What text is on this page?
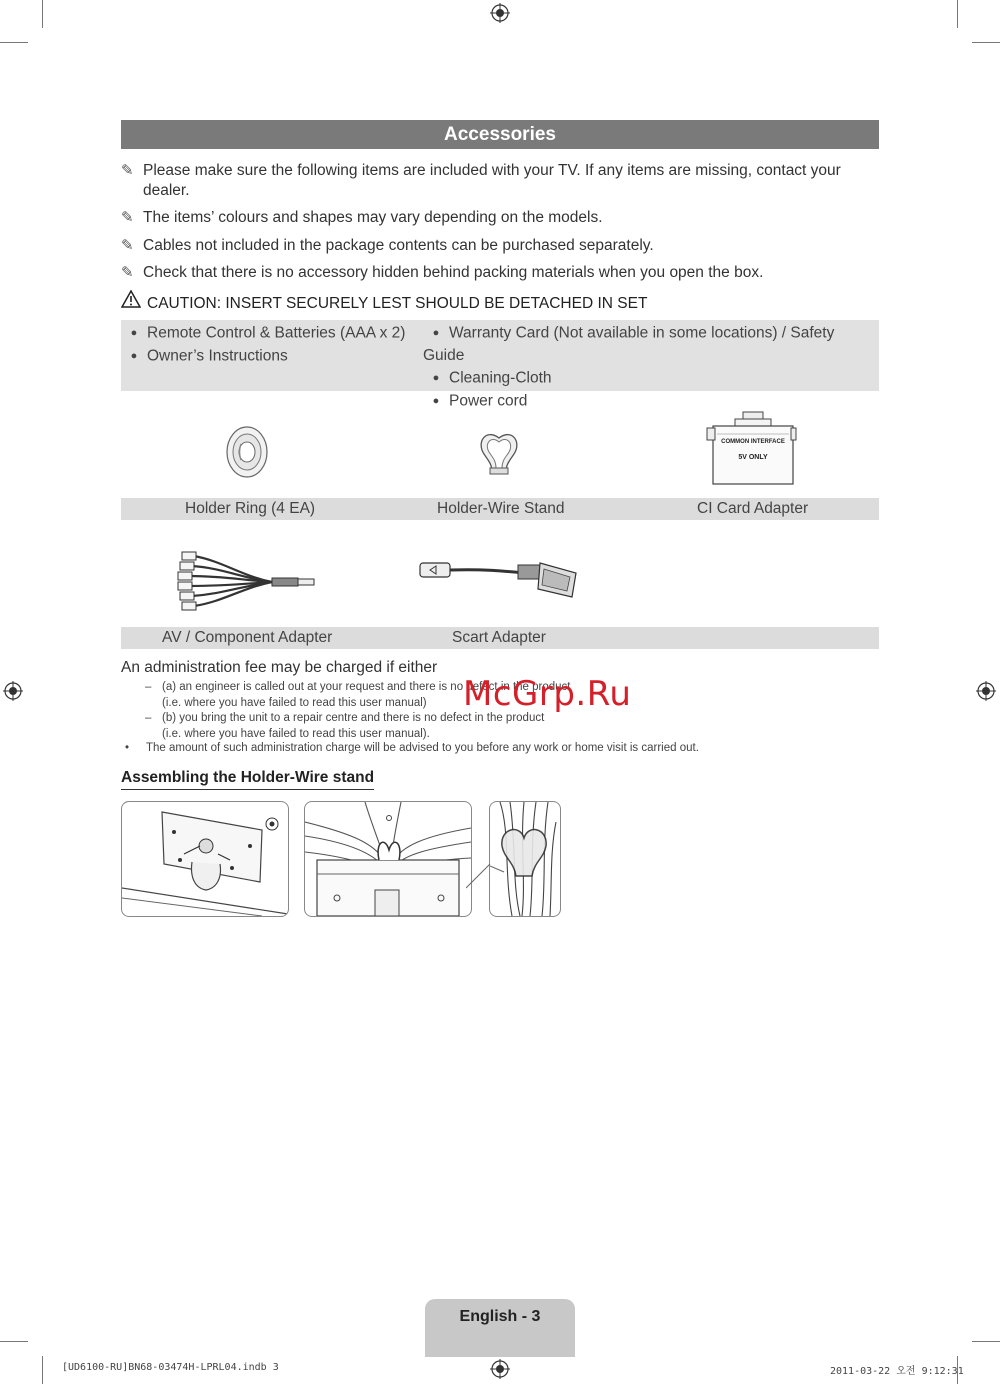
Accessories
✎ Please make sure the following items are included with your TV. If any items are missing, contact your dealer.
✎ The items’ colours and shapes may vary depending on the models.
✎ Cables not included in the package contents can be purchased separately.
✎ Check that there is no accessory hidden behind packing materials when you open the box.
CAUTION: INSERT SECURELY LEST SHOULD BE DETACHED IN SET
● Remote Control & Batteries (AAA x 2)
● Owner’s Instructions
● Warranty Card (Not available in some locations) / Safety Guide
● Cleaning-Cloth
● Power cord
COMMON INTERFACE
5V ONLY
Holder Ring (4 EA)	Holder-Wire Stand	CI Card Adapter
AV / Component Adapter	Scart Adapter
An administration fee may be charged if either
– (a) an engineer is called out at your request and there is no defect in the product
(i.e. where you have failed to read this user manual)
– (b) you bring the unit to a repair centre and there is no defect in the product
(i.e. where you have failed to read this user manual).
• The amount of such administration charge will be advised to you before any work or home visit is carried out.
McGrp.Ru
Assembling the Holder-Wire stand
English - 3
[UD6100-RU]BN68-03474H-LPRL04.indb 3	2011-03-22 오전 9:12:31
